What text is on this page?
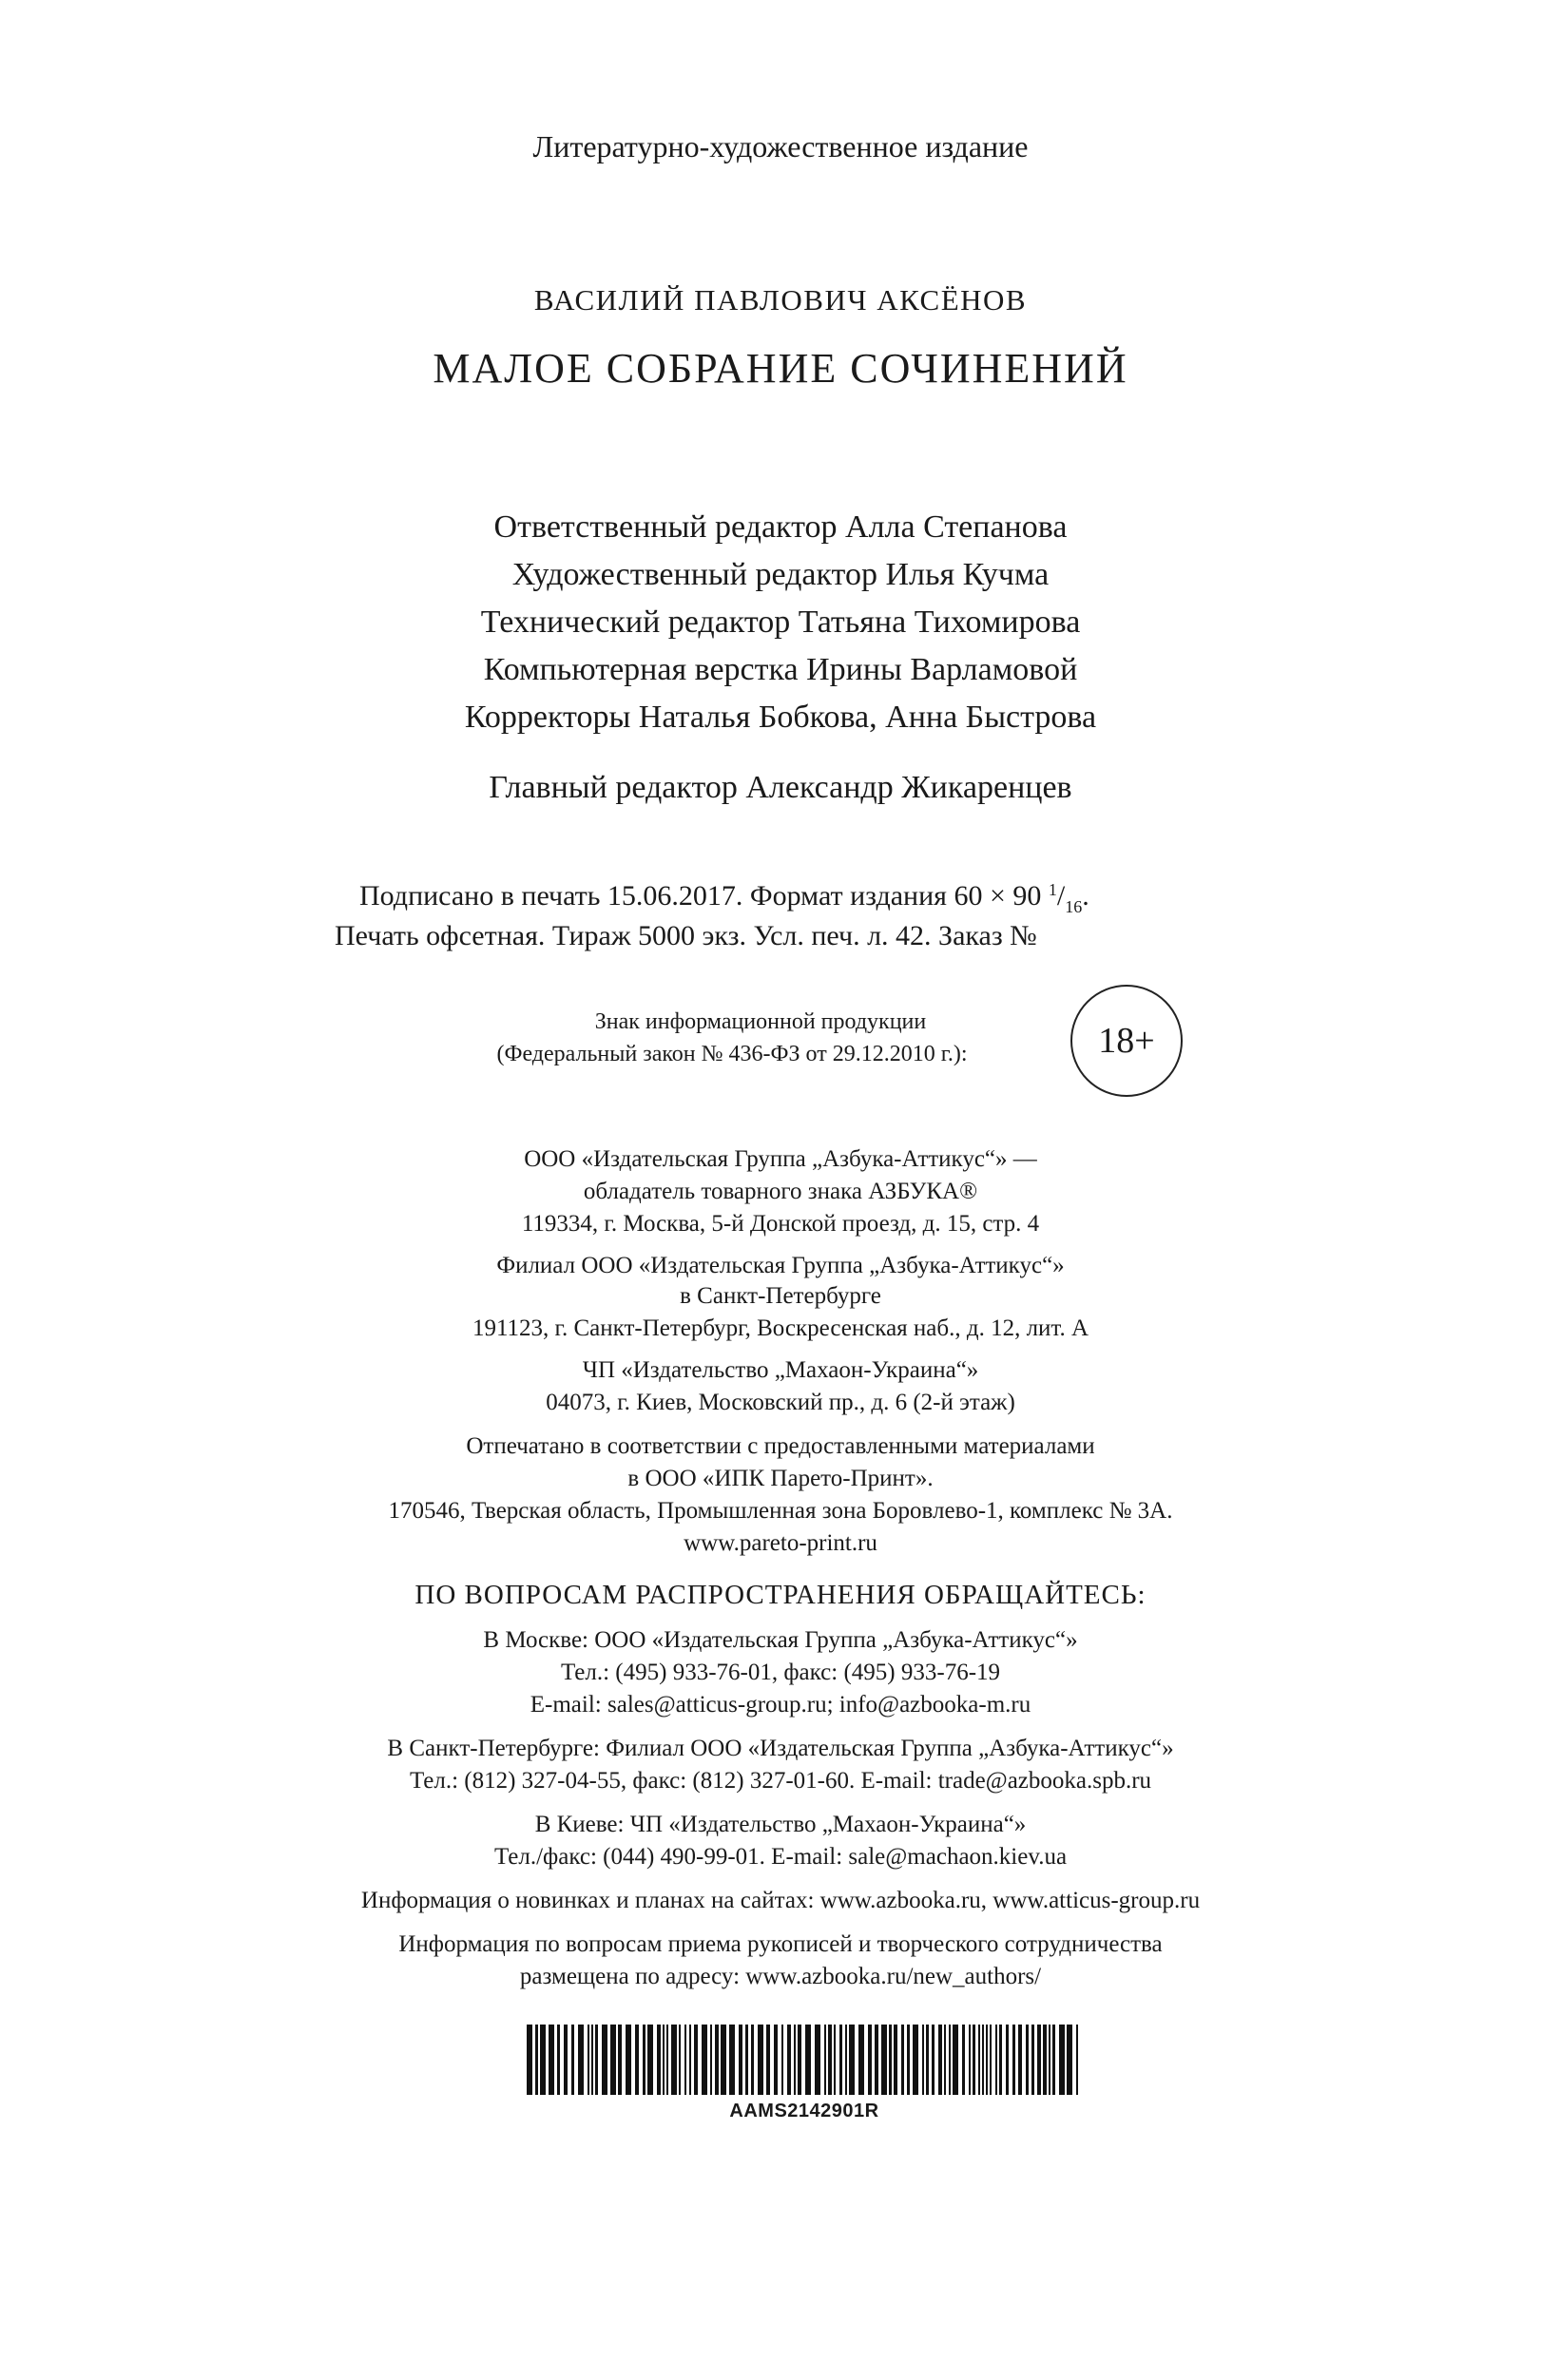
Литературно-художественное издание
ВАСИЛИЙ ПАВЛОВИЧ АКСЁНОВ
МАЛОЕ СОБРАНИЕ СОЧИНЕНИЙ
Ответственный редактор Алла Степанова
Художественный редактор Илья Кучма
Технический редактор Татьяна Тихомирова
Компьютерная верстка Ирины Варламовой
Корректоры Наталья Бобкова, Анна Быстрова
Главный редактор Александр Жикаренцев
Подписано в печать 15.06.2017. Формат издания 60 × 90 $^1/_{16}$.
Печать офсетная. Тираж 5000 экз. Усл. печ. л. 42. Заказ №
Знак информационной продукции
(Федеральный закон № 436-ФЗ от 29.12.2010 г.):	18+
ООО «Издательская Группа „Азбука-Аттикус“» —
обладатель товарного знака АЗБУКА®
119334, г. Москва, 5-й Донской проезд, д. 15, стр. 4
Филиал ООО «Издательская Группа „Азбука-Аттикус“»
в Санкт-Петербурге
191123, г. Санкт-Петербург, Воскресенская наб., д. 12, лит. А
ЧП «Издательство „Махаон-Украина“»
04073, г. Киев, Московский пр., д. 6 (2-й этаж)
Отпечатано в соответствии с предоставленными материалами
в ООО «ИПК Парето-Принт».
170546, Тверская область, Промышленная зона Боровлево-1, комплекс № 3А.
www.pareto-print.ru
ПО ВОПРОСАМ РАСПРОСТРАНЕНИЯ ОБРАЩАЙТЕСЬ:
В Москве: ООО «Издательская Группа „Азбука-Аттикус“»
Тел.: (495) 933-76-01, факс: (495) 933-76-19
E-mail: sales@atticus-group.ru; info@azbooka-m.ru
В Санкт-Петербурге: Филиал ООО «Издательская Группа „Азбука-Аттикус“»
Тел.: (812) 327-04-55, факс: (812) 327-01-60. E-mail: trade@azbooka.spb.ru
В Киеве: ЧП «Издательство „Махаон-Украина“»
Тел./факс: (044) 490-99-01. E-mail: sale@machaon.kiev.ua
Информация о новинках и планах на сайтах: www.azbooka.ru, www.atticus-group.ru
Информация по вопросам приема рукописей и творческого сотрудничества
размещена по адресу: www.azbooka.ru/new_authors/
AAMS2142901R
